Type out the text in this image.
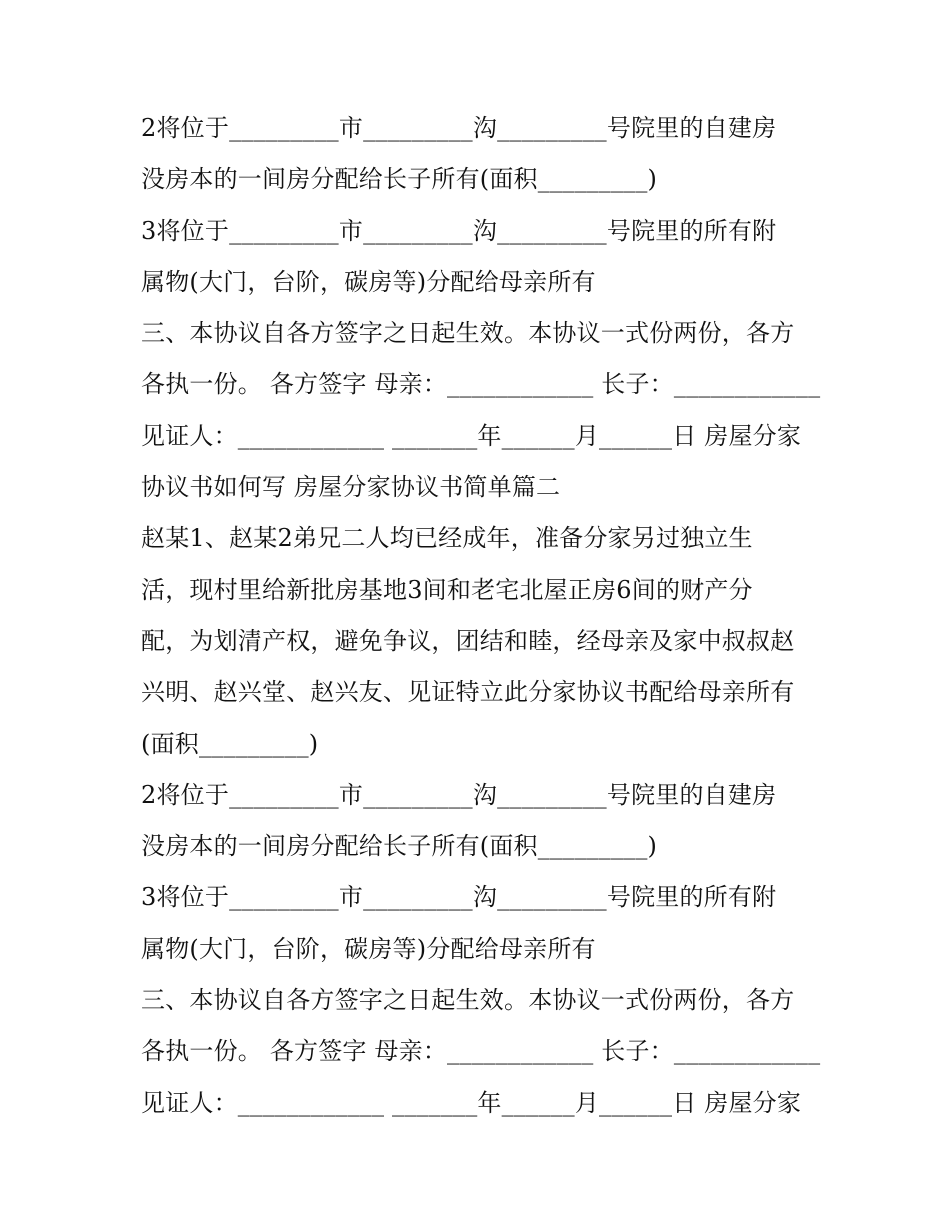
2将位于_________市_________沟_________号院里的自建房
没房本的一间房分配给长子所有(面积_________)
3将位于_________市_________沟_________号院里的所有附
属物(大门，台阶，碳房等)分配给母亲所有
三、本协议自各方签字之日起生效。本协议一式份两份，各方
各执一份。 各方签字 母亲：____________ 长子：____________
见证人：____________ _______年______月______日 房屋分家
协议书如何写 房屋分家协议书简单篇二
赵某1、赵某2弟兄二人均已经成年，准备分家另过独立生
活，现村里给新批房基地3间和老宅北屋正房6间的财产分
配，为划清产权，避免争议，团结和睦，经母亲及家中叔叔赵
兴明、赵兴堂、赵兴友、见证特立此分家协议书配给母亲所有
(面积_________)
2将位于_________市_________沟_________号院里的自建房
没房本的一间房分配给长子所有(面积_________)
3将位于_________市_________沟_________号院里的所有附
属物(大门，台阶，碳房等)分配给母亲所有
三、本协议自各方签字之日起生效。本协议一式份两份，各方
各执一份。 各方签字 母亲：____________ 长子：____________
见证人：____________ _______年______月______日 房屋分家
